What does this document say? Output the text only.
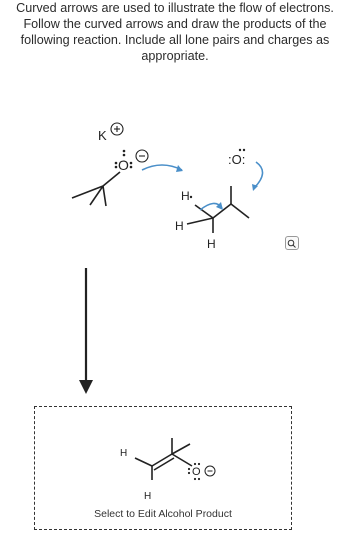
Curved arrows are used to illustrate the flow of electrons.
Follow the curved arrows and draw the products of the
following reaction. Include all lone pairs and charges as
appropriate.
K
O
H
H
H
:O:
H
H
O
Select to Edit Alcohol Product
